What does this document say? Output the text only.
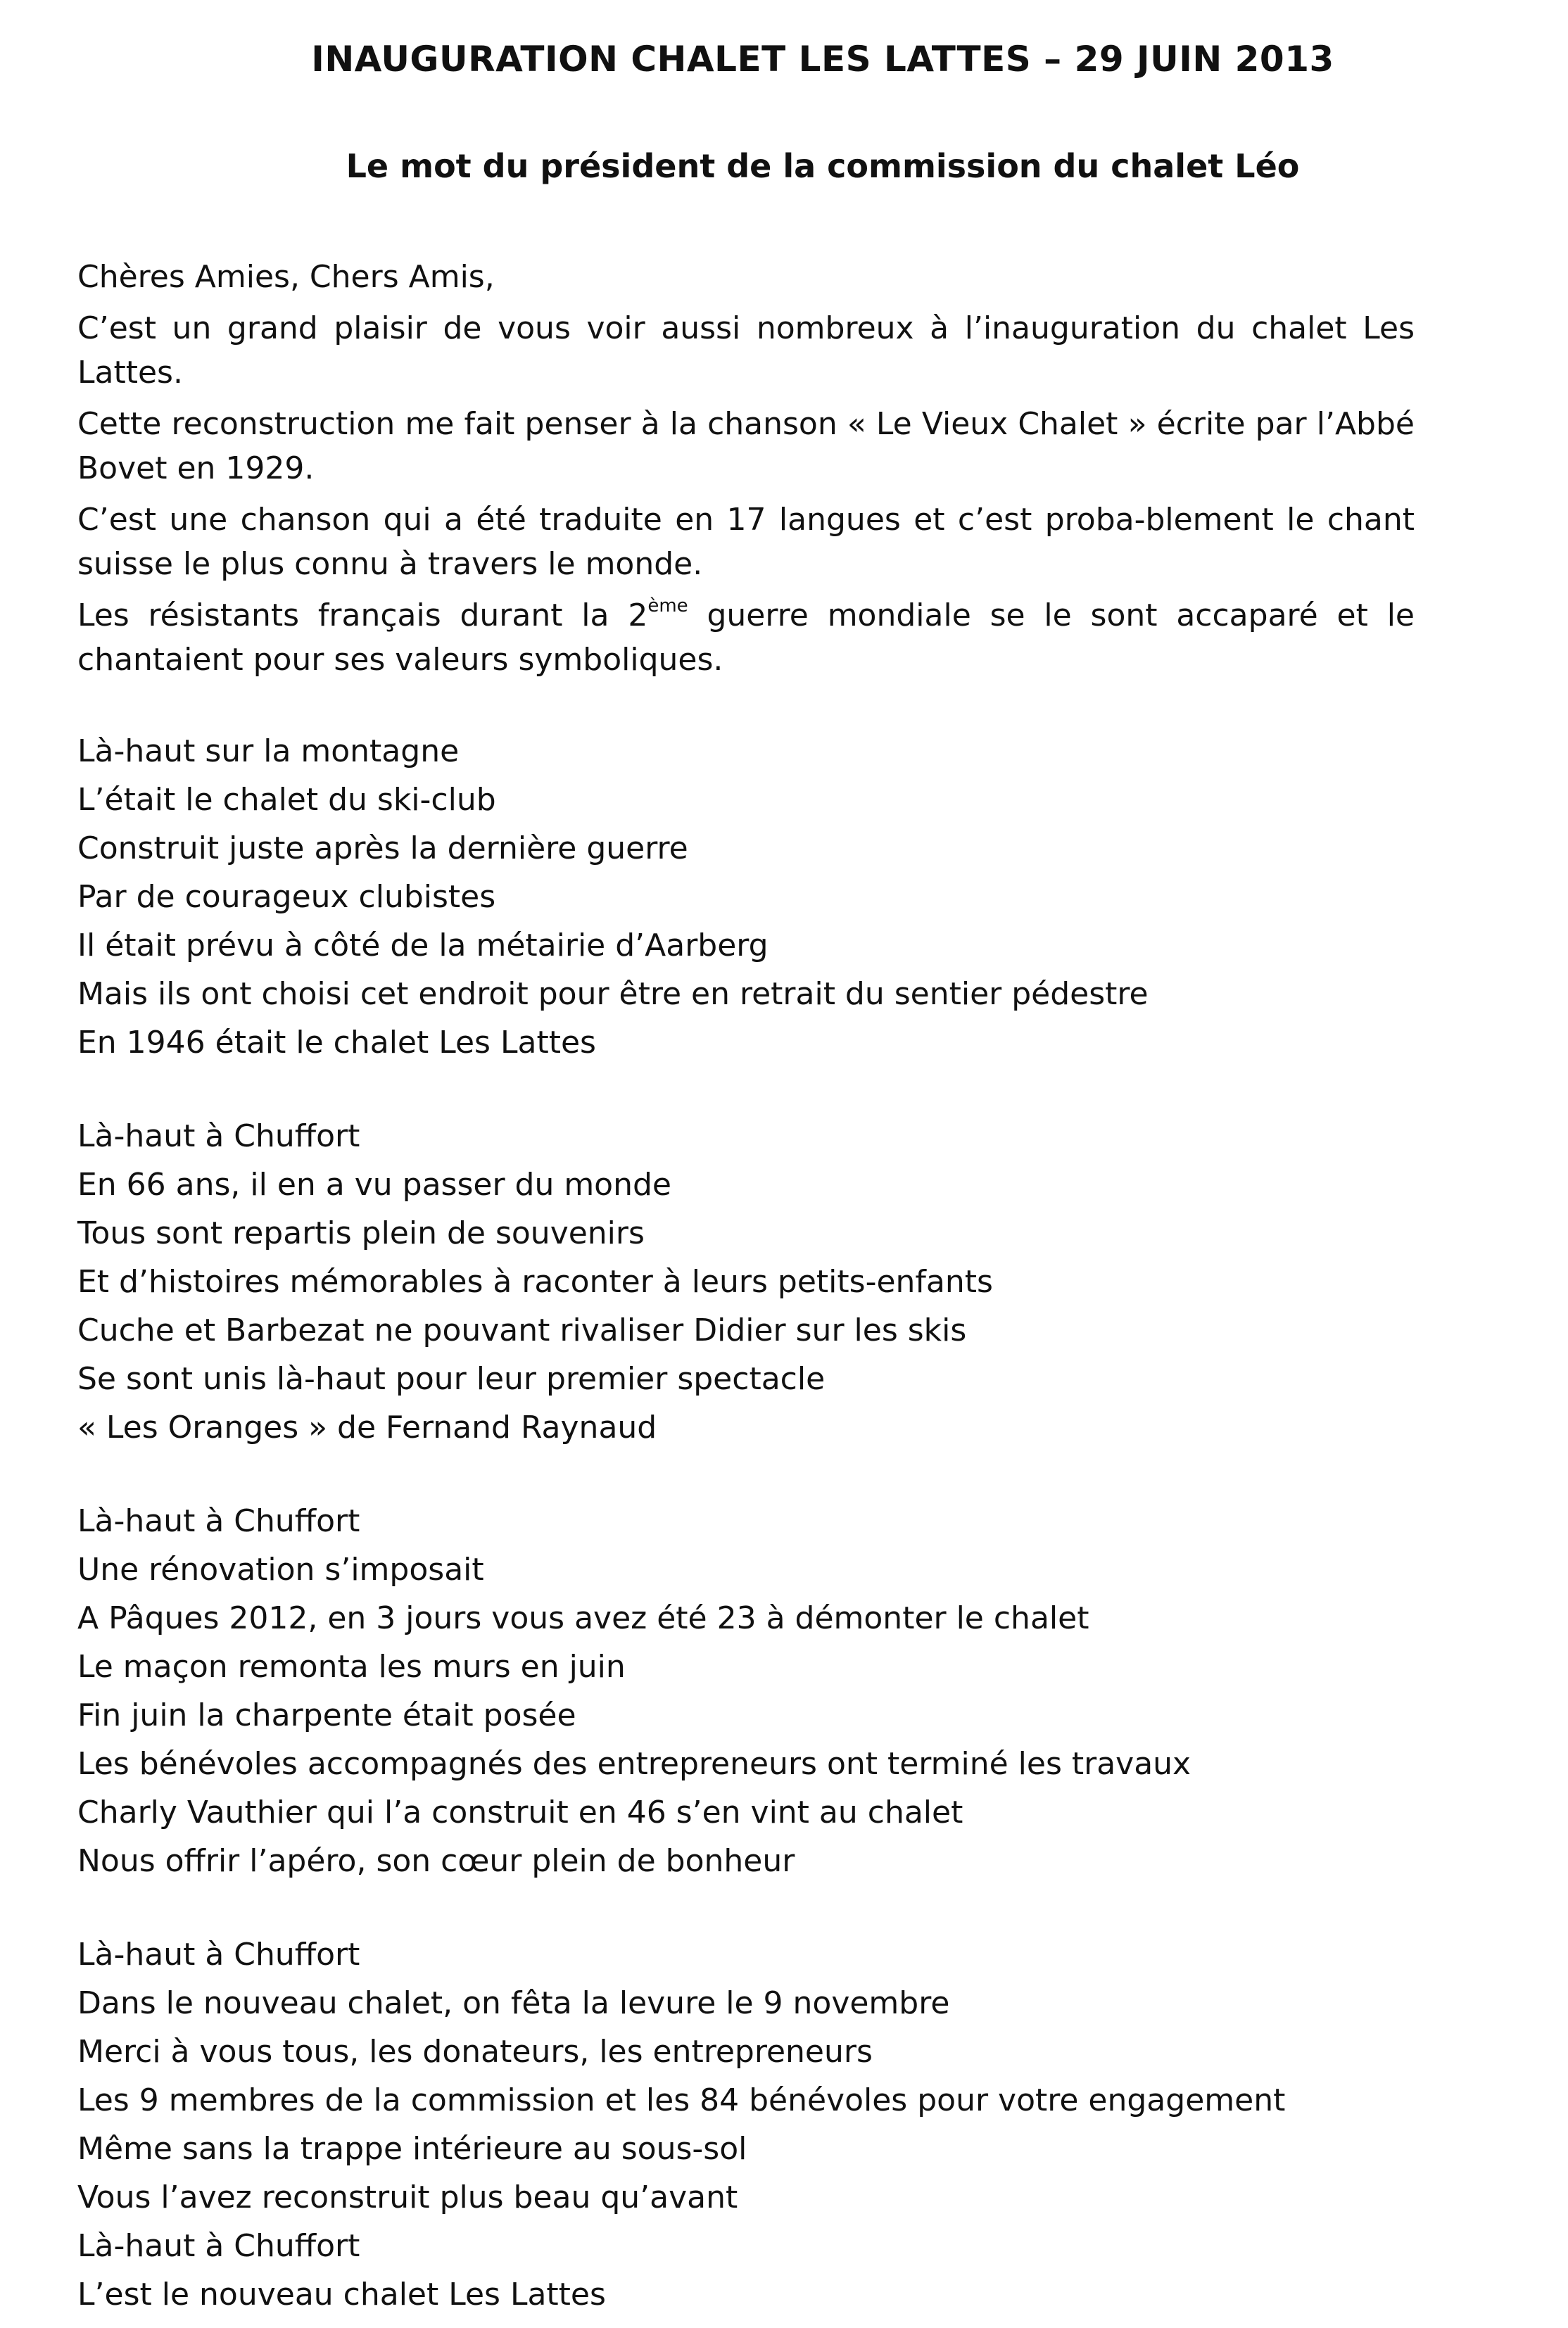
INAUGURATION CHALET LES LATTES – 29 JUIN 2013
Le mot du président de la commission du chalet Léo

Chères Amies, Chers Amis,

C’est un grand plaisir de vous voir aussi nombreux à l’inauguration du chalet Les Lattes.

Cette reconstruction me fait penser à la chanson « Le Vieux Chalet » écrite par l’Abbé Bovet en 1929.

C’est une chanson qui a été traduite en 17 langues et c’est proba-blement le chant suisse le plus connu à travers le monde.

Les résistants français durant la 2ème guerre mondiale se le sont accaparé et le chantaient pour ses valeurs symboliques.

Là-haut sur la montagne
L’était le chalet du ski-club
Construit juste après la dernière guerre
Par de courageux clubistes
Il était prévu à côté de la métairie d’Aarberg
Mais ils ont choisi cet endroit pour être en retrait du sentier pédestre
En 1946 était le chalet Les Lattes
Là-haut à Chuffort
En 66 ans, il en a vu passer du monde
Tous sont repartis plein de souvenirs
Et d’histoires mémorables à raconter à leurs petits-enfants
Cuche et Barbezat ne pouvant rivaliser Didier sur les skis
Se sont unis là-haut pour leur premier spectacle
« Les Oranges » de Fernand Raynaud
Là-haut à Chuffort
Une rénovation s’imposait
A Pâques 2012, en 3 jours vous avez été 23 à démonter le chalet
Le maçon remonta les murs en juin
Fin juin la charpente était posée
Les bénévoles accompagnés des entrepreneurs ont terminé les travaux
Charly Vauthier qui l’a construit en 46 s’en vint au chalet
Nous offrir l’apéro, son cœur plein de bonheur
Là-haut à Chuffort
Dans le nouveau chalet, on fêta la levure le 9 novembre
Merci à vous tous, les donateurs, les entrepreneurs
Les 9 membres de la commission et les 84 bénévoles pour votre engagement
Même sans la trappe intérieure au sous-sol
Vous l’avez reconstruit plus beau qu’avant
Là-haut à Chuffort
L’est le nouveau chalet Les Lattes
